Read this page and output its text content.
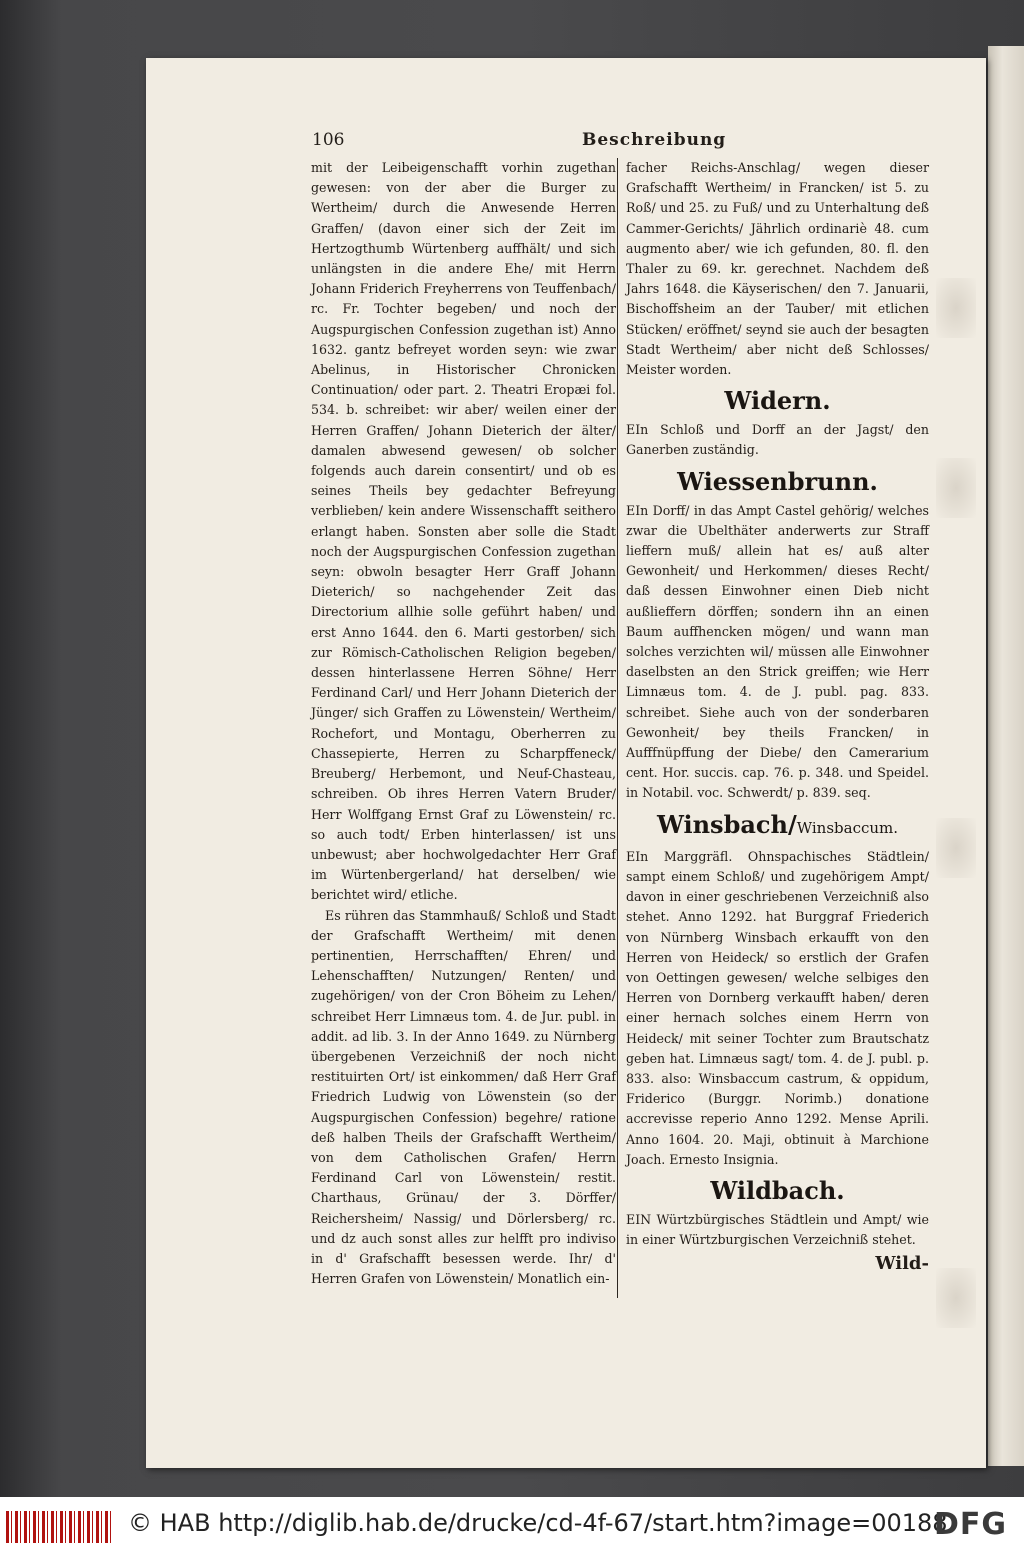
106	Beschreibung

mit der Leibeigenschafft vorhin zugethan gewesen: von der aber die Burger zu Wertheim/ durch die Anwesende Herren Graffen/ (davon einer sich der Zeit im Hertzogthumb Würtenberg auffhält/ und sich unlängsten in die andere Ehe/ mit Herrn Johann Friderich Freyherrens von Teuffenbach/ rc. Fr. Tochter begeben/ und noch der Augspurgischen Confession zugethan ist) Anno 1632. gantz befreyet worden seyn: wie zwar Abelinus, in Historischer Chronicken Continuation/ oder part. 2. Theatri Eropæi fol. 534. b. schreibet: wir aber/ weilen einer der Herren Graffen/ Johann Dieterich der älter/ damalen abwesend gewesen/ ob solcher folgends auch darein consentirt/ und ob es seines Theils bey gedachter Befreyung verblieben/ kein andere Wissenschafft seithero erlangt haben. Sonsten aber solle die Stadt noch der Augspurgischen Confession zugethan seyn: obwoln besagter Herr Graff Johann Dieterich/ so nachgehender Zeit das Directorium allhie solle geführt haben/ und erst Anno 1644. den 6. Marti gestorben/ sich zur Römisch-Catholischen Religion begeben/ dessen hinterlassene Herren Söhne/ Herr Ferdinand Carl/ und Herr Johann Dieterich der Jünger/ sich Graffen zu Löwenstein/ Wertheim/ Rochefort, und Montagu, Oberherren zu Chassepierte, Herren zu Scharpffeneck/ Breuberg/ Herbemont, und Neuf-Chasteau, schreiben. Ob ihres Herren Vatern Bruder/ Herr Wolffgang Ernst Graf zu Löwenstein/ rc. so auch todt/ Erben hinterlassen/ ist uns unbewust; aber hochwolgedachter Herr Graf im Würtenbergerland/ hat derselben/ wie berichtet wird/ etliche.

Es rühren das Stammhauß/ Schloß und Stadt der Grafschafft Wertheim/ mit denen pertinentien, Herrschafften/ Ehren/ und Lehenschafften/ Nutzungen/ Renten/ und zugehörigen/ von der Cron Böheim zu Lehen/ schreibet Herr Limnæus tom. 4. de Jur. publ. in addit. ad lib. 3. In der Anno 1649. zu Nürnberg übergebenen Verzeichniß der noch nicht restituirten Ort/ ist einkommen/ daß Herr Graf Friedrich Ludwig von Löwenstein (so der Augspurgischen Confession) begehre/ ratione deß halben Theils der Grafschafft Wertheim/ von dem Catholischen Grafen/ Herrn Ferdinand Carl von Löwenstein/ restit. Charthaus, Grünau/ der 3. Dörffer/ Reichersheim/ Nassig/ und Dörlersberg/ rc. und dz auch sonst alles zur helfft pro indiviso in d' Grafschafft besessen werde. Ihr/ d' Herren Grafen von Löwenstein/ Monatlich ein-

facher Reichs-Anschlag/ wegen dieser Grafschafft Wertheim/ in Francken/ ist 5. zu Roß/ und 25. zu Fuß/ und zu Unterhaltung deß Cammer-Gerichts/ Jährlich ordinariè 48. cum augmento aber/ wie ich gefunden, 80. fl. den Thaler zu 69. kr. gerechnet. Nachdem deß Jahrs 1648. die Käyserischen/ den 7. Januarii, Bischoffsheim an der Tauber/ mit etlichen Stücken/ eröffnet/ seynd sie auch der besagten Stadt Wertheim/ aber nicht deß Schlosses/ Meister worden.

Widern.

EIn Schloß und Dorff an der Jagst/ den Ganerben zuständig.

Wiessenbrunn.

EIn Dorff/ in das Ampt Castel gehörig/ welches zwar die Ubelthäter anderwerts zur Straff lieffern muß/ allein hat es/ auß alter Gewonheit/ und Herkommen/ dieses Recht/ daß dessen Einwohner einen Dieb nicht außlieffern dörffen; sondern ihn an einen Baum auffhencken mögen/ und wann man solches verzichten wil/ müssen alle Einwohner daselbsten an den Strick greiffen; wie Herr Limnæus tom. 4. de J. publ. pag. 833. schreibet. Siehe auch von der sonderbaren Gewonheit/ bey theils Francken/ in Aufffnüpffung der Diebe/ den Camerarium cent. Hor. succis. cap. 76. p. 348. und Speidel. in Notabil. voc. Schwerdt/ p. 839. seq.

Winsbach/Winsbaccum.

EIn Marggräfl. Ohnspachisches Städtlein/ sampt einem Schloß/ und zugehörigem Ampt/ davon in einer geschriebenen Verzeichniß also stehet. Anno 1292. hat Burggraf Friederich von Nürnberg Winsbach erkaufft von den Herren von Heideck/ so erstlich der Grafen von Oettingen gewesen/ welche selbiges den Herren von Dornberg verkaufft haben/ deren einer hernach solches einem Herrn von Heideck/ mit seiner Tochter zum Brautschatz geben hat. Limnæus sagt/ tom. 4. de J. publ. p. 833. also: Winsbaccum castrum, & oppidum, Friderico (Burggr. Norimb.) donatione accrevisse reperio Anno 1292. Mense Aprili. Anno 1604. 20. Maji, obtinuit à Marchione Joach. Ernesto Insignia.

Wildbach.

EIN Würtzbürgisches Städtlein und Ampt/ wie in einer Würtzburgischen Verzeichniß stehet.

Wild-
© HAB http://diglib.hab.de/drucke/cd-4f-67/start.htm?image=00188
DFG
